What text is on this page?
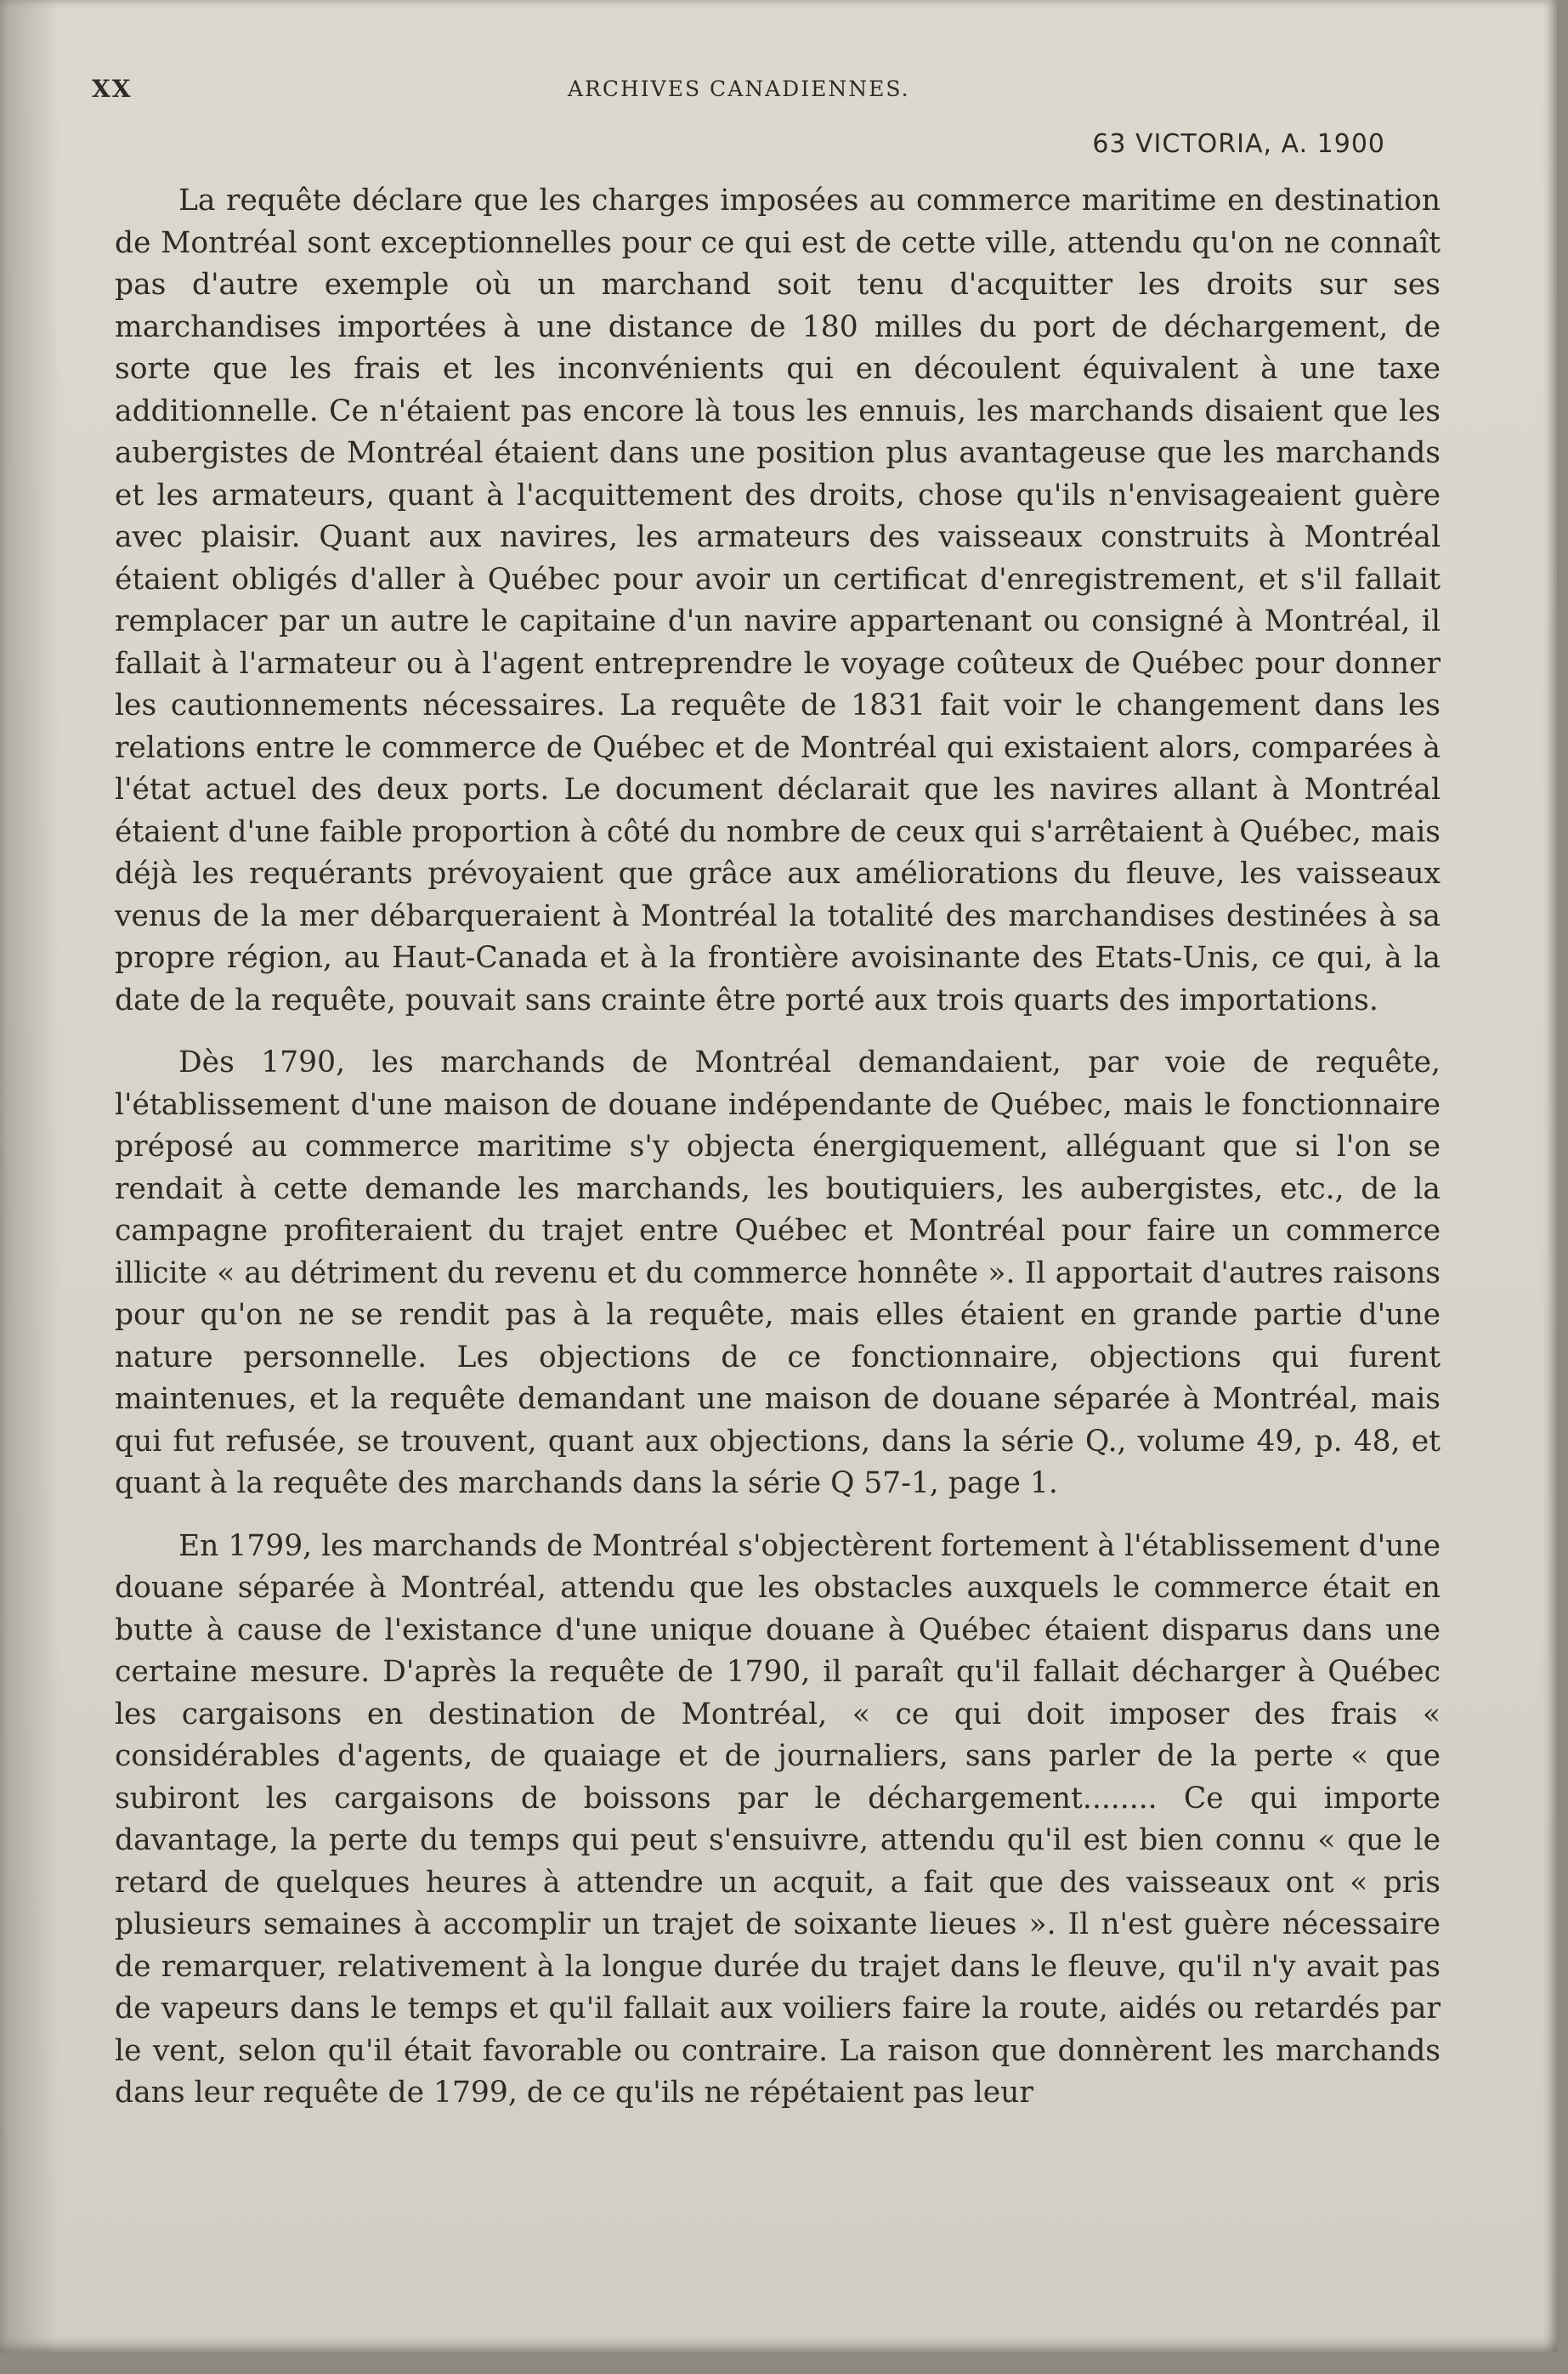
XX	ARCHIVES CANADIENNES.
63 VICTORIA, A. 1900

La requête déclare que les charges imposées au commerce maritime en destination de Montréal sont exceptionnelles pour ce qui est de cette ville, attendu qu'on ne connaît pas d'autre exemple où un marchand soit tenu d'acquitter les droits sur ses marchandises importées à une distance de 180 milles du port de déchargement, de sorte que les frais et les inconvénients qui en découlent équivalent à une taxe additionnelle. Ce n'étaient pas encore là tous les ennuis, les marchands disaient que les aubergistes de Montréal étaient dans une position plus avantageuse que les marchands et les armateurs, quant à l'acquittement des droits, chose qu'ils n'envisageaient guère avec plaisir. Quant aux navires, les armateurs des vaisseaux construits à Montréal étaient obligés d'aller à Québec pour avoir un certificat d'enregistrement, et s'il fallait remplacer par un autre le capitaine d'un navire appartenant ou consigné à Montréal, il fallait à l'armateur ou à l'agent entreprendre le voyage coûteux de Québec pour donner les cautionnements nécessaires. La requête de 1831 fait voir le changement dans les relations entre le commerce de Québec et de Montréal qui existaient alors, comparées à l'état actuel des deux ports. Le document déclarait que les navires allant à Montréal étaient d'une faible proportion à côté du nombre de ceux qui s'arrêtaient à Québec, mais déjà les requérants prévoyaient que grâce aux améliorations du fleuve, les vaisseaux venus de la mer débarqueraient à Montréal la totalité des marchandises destinées à sa propre région, au Haut-Canada et à la frontière avoisinante des Etats-Unis, ce qui, à la date de la requête, pouvait sans crainte être porté aux trois quarts des importations.

Dès 1790, les marchands de Montréal demandaient, par voie de requête, l'établissement d'une maison de douane indépendante de Québec, mais le fonctionnaire préposé au commerce maritime s'y objecta énergiquement, alléguant que si l'on se rendait à cette demande les marchands, les boutiquiers, les aubergistes, etc., de la campagne profiteraient du trajet entre Québec et Montréal pour faire un commerce illicite « au détriment du revenu et du commerce honnête ». Il apportait d'autres raisons pour qu'on ne se rendit pas à la requête, mais elles étaient en grande partie d'une nature personnelle. Les objections de ce fonctionnaire, objections qui furent maintenues, et la requête demandant une maison de douane séparée à Montréal, mais qui fut refusée, se trouvent, quant aux objections, dans la série Q., volume 49, p. 48, et quant à la requête des marchands dans la série Q 57-1, page 1.

En 1799, les marchands de Montréal s'objectèrent fortement à l'établissement d'une douane séparée à Montréal, attendu que les obstacles auxquels le commerce était en butte à cause de l'existance d'une unique douane à Québec étaient disparus dans une certaine mesure. D'après la requête de 1790, il paraît qu'il fallait décharger à Québec les cargaisons en destination de Montréal, « ce qui doit imposer des frais « considérables d'agents, de quaiage et de journaliers, sans parler de la perte « que subiront les cargaisons de boissons par le déchargement........ Ce qui importe davantage, la perte du temps qui peut s'ensuivre, attendu qu'il est bien connu « que le retard de quelques heures à attendre un acquit, a fait que des vaisseaux ont « pris plusieurs semaines à accomplir un trajet de soixante lieues ». Il n'est guère nécessaire de remarquer, relativement à la longue durée du trajet dans le fleuve, qu'il n'y avait pas de vapeurs dans le temps et qu'il fallait aux voiliers faire la route, aidés ou retardés par le vent, selon qu'il était favorable ou contraire. La raison que donnèrent les marchands dans leur requête de 1799, de ce qu'ils ne répétaient pas leur
